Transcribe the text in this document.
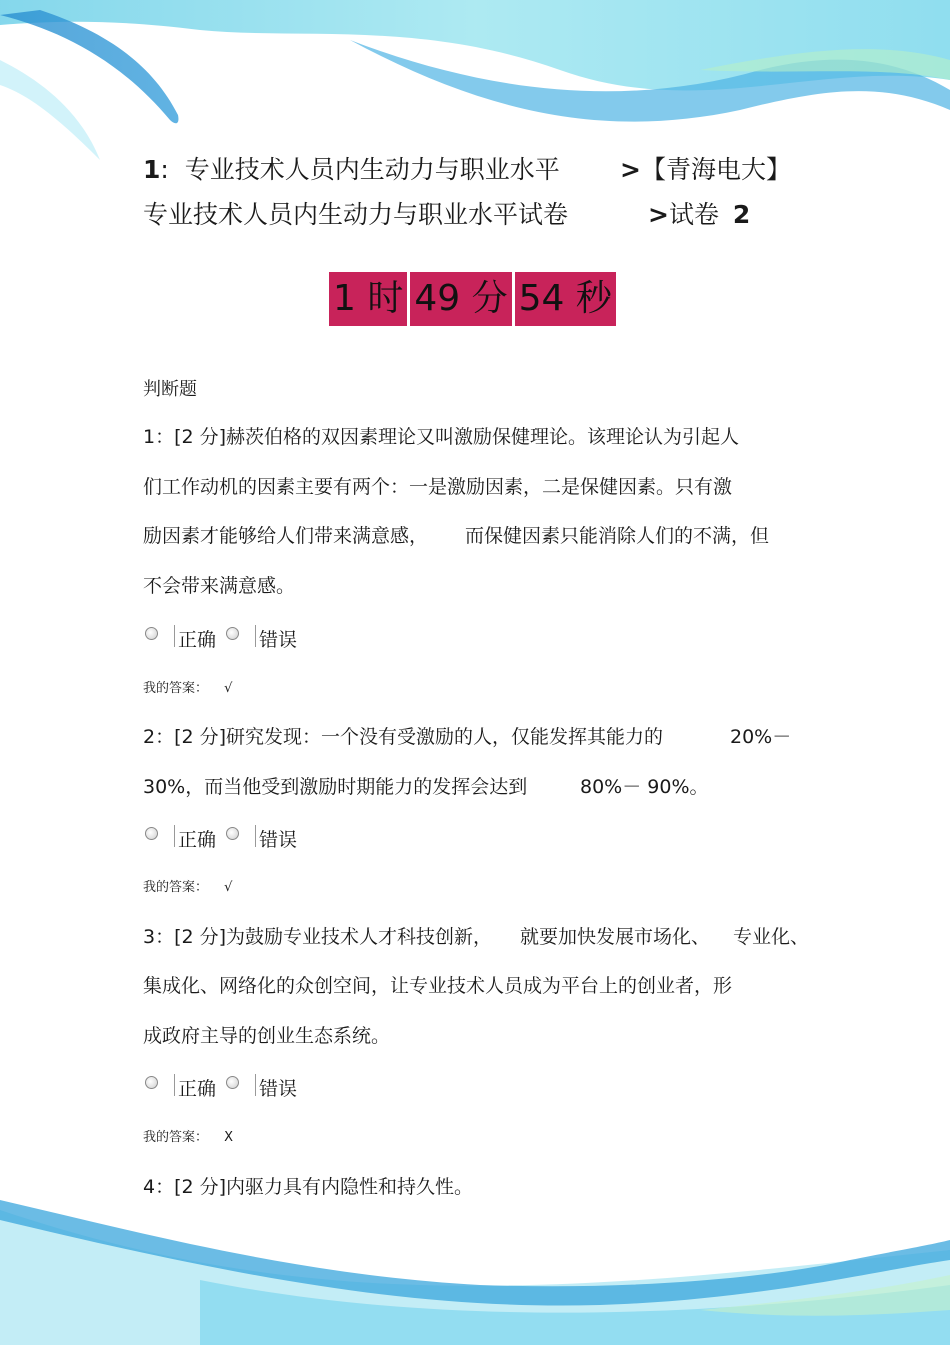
1: 专业技术人员内生动力与职业水平 >【青海电大】
专业技术人员内生动力与职业水平试卷	>试卷 2
1 时 49 分 54 秒
判断题
1：[2 分]赫茨伯格的双因素理论又叫激励保健理论。该理论认为引起人
们工作动机的因素主要有两个：一是激励因素，二是保健因素。只有激
励因素才能够给人们带来满意感， 而保健因素只能消除人们的不满，但
不会带来满意感。
正确 错误
我的答案： √
2：[2 分]研究发现：一个没有受激励的人，仅能发挥其能力的	20%－
30%，而当他受到激励时期能力的发挥会达到	80%－ 90%。
正确 错误
我的答案： √
3：[2 分]为鼓励专业技术人才科技创新， 就要加快发展市场化、 专业化、
集成化、网络化的众创空间，让专业技术人员成为平台上的创业者，形
成政府主导的创业生态系统。
正确 错误
我的答案： X
4：[2 分]内驱力具有内隐性和持久性。
